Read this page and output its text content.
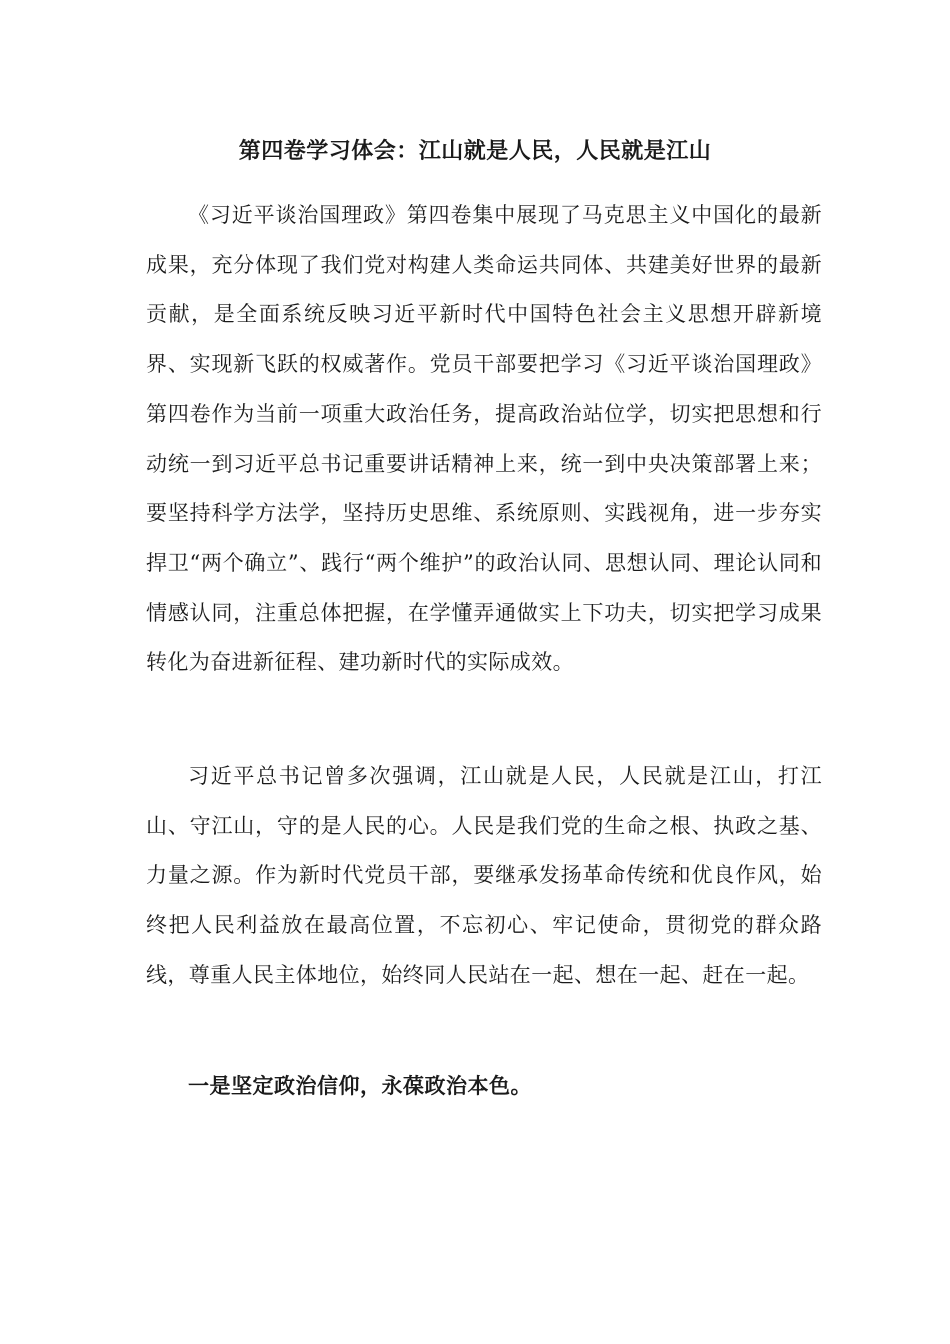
第四卷学习体会：江山就是人民，人民就是江山

《习近平谈治国理政》第四卷集中展现了马克思主义中国化的最新成果，充分体现了我们党对构建人类命运共同体、共建美好世界的最新贡献，是全面系统反映习近平新时代中国特色社会主义思想开辟新境界、实现新飞跃的权威著作。党员干部要把学习《习近平谈治国理政》第四卷作为当前一项重大政治任务，提高政治站位学，切实把思想和行动统一到习近平总书记重要讲话精神上来，统一到中央决策部署上来；要坚持科学方法学，坚持历史思维、系统原则、实践视角，进一步夯实捍卫“两个确立”、践行“两个维护”的政治认同、思想认同、理论认同和情感认同，注重总体把握，在学懂弄通做实上下功夫，切实把学习成果转化为奋进新征程、建功新时代的实际成效。

习近平总书记曾多次强调，江山就是人民，人民就是江山，打江山、守江山，守的是人民的心。人民是我们党的生命之根、执政之基、力量之源。作为新时代党员干部，要继承发扬革命传统和优良作风，始终把人民利益放在最高位置，不忘初心、牢记使命，贯彻党的群众路线，尊重人民主体地位，始终同人民站在一起、想在一起、赶在一起。

一是坚定政治信仰，永葆政治本色。
